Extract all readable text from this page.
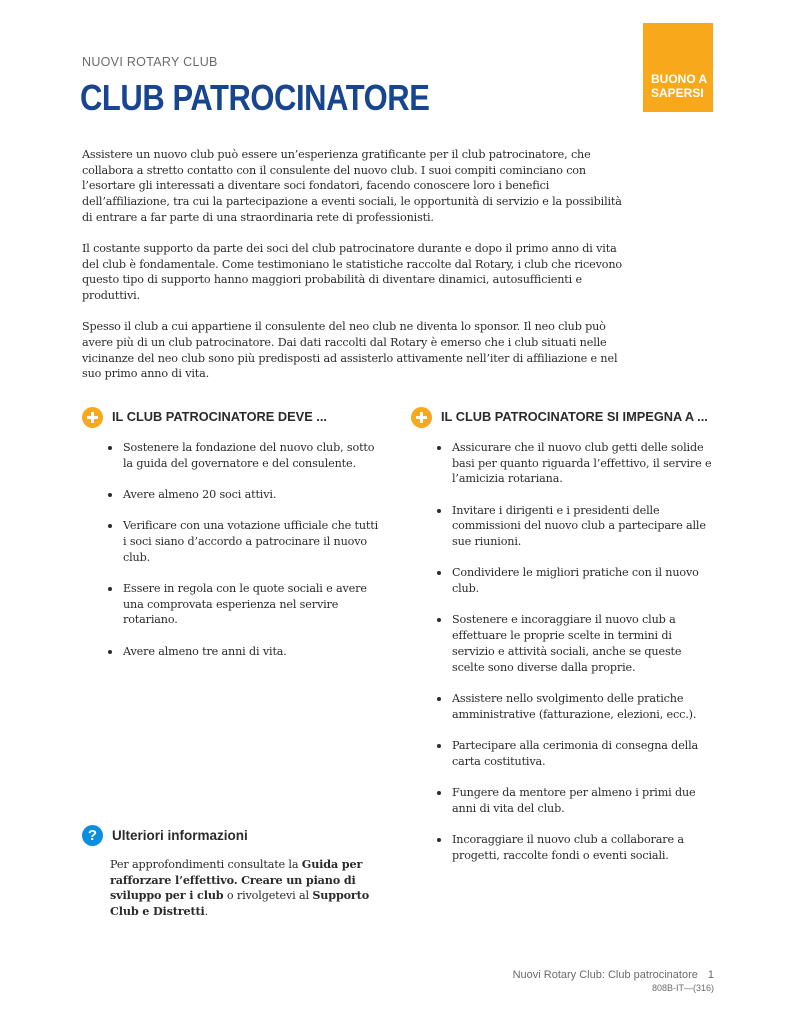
NUOVI ROTARY CLUB
CLUB PATROCINATORE	BUONO A
SAPERSI

Assistere un nuovo club può essere un’esperienza gratificante per il club patrocinatore, che collabora a stretto contatto con il consulente del nuovo club. I suoi compiti cominciano con l’esortare gli interessati a diventare soci fondatori, facendo conoscere loro i benefici dell’affiliazione, tra cui la partecipazione a eventi sociali, le opportunità di servizio e la possibilità di entrare a far parte di una straordinaria rete di professionisti.

Il costante supporto da parte dei soci del club patrocinatore durante e dopo il primo anno di vita del club è fondamentale. Come testimoniano le statistiche raccolte dal Rotary, i club che ricevono questo tipo di supporto hanno maggiori probabilità di diventare dinamici, autosufficienti e produttivi.

Spesso il club a cui appartiene il consulente del neo club ne diventa lo sponsor. Il neo club può avere più di un club patrocinatore. Dai dati raccolti dal Rotary è emerso che i club situati nelle vicinanze del neo club sono più predisposti ad assisterlo attivamente nell’iter di affiliazione e nel suo primo anno di vita.

IL CLUB PATROCINATORE DEVE ...
Sostenere la fondazione del nuovo club, sotto la guida del governatore e del consulente.
Avere almeno 20 soci attivi.
Verificare con una votazione ufficiale che tutti i soci siano d’accordo a patrocinare il nuovo club.
Essere in regola con le quote sociali e avere una comprovata esperienza nel servire rotariano.
Avere almeno tre anni di vita.
IL CLUB PATROCINATORE SI IMPEGNA A ...
Assicurare che il nuovo club getti delle solide basi per quanto riguarda l’effettivo, il servire e l’amicizia rotariana.
Invitare i dirigenti e i presidenti delle commissioni del nuovo club a partecipare alle sue riunioni.
Condividere le migliori pratiche con il nuovo club.
Sostenere e incoraggiare il nuovo club a effettuare le proprie scelte in termini di servizio e attività sociali, anche se queste scelte sono diverse dalla proprie.
Assistere nello svolgimento delle pratiche amministrative (fatturazione, elezioni, ecc.).
Partecipare alla cerimonia di consegna della carta costitutiva.
Fungere da mentore per almeno i primi due anni di vita del club.
Incoraggiare il nuovo club a collaborare a progetti, raccolte fondi o eventi sociali.
?	Ulteriori informazioni
Per approfondimenti consultate la Guida per rafforzare l’effettivo. Creare un piano di sviluppo per i club o rivolgetevi al Supporto Club e Distretti.
Nuovi Rotary Club: Club patrocinatore 1
808B-IT—(316)
